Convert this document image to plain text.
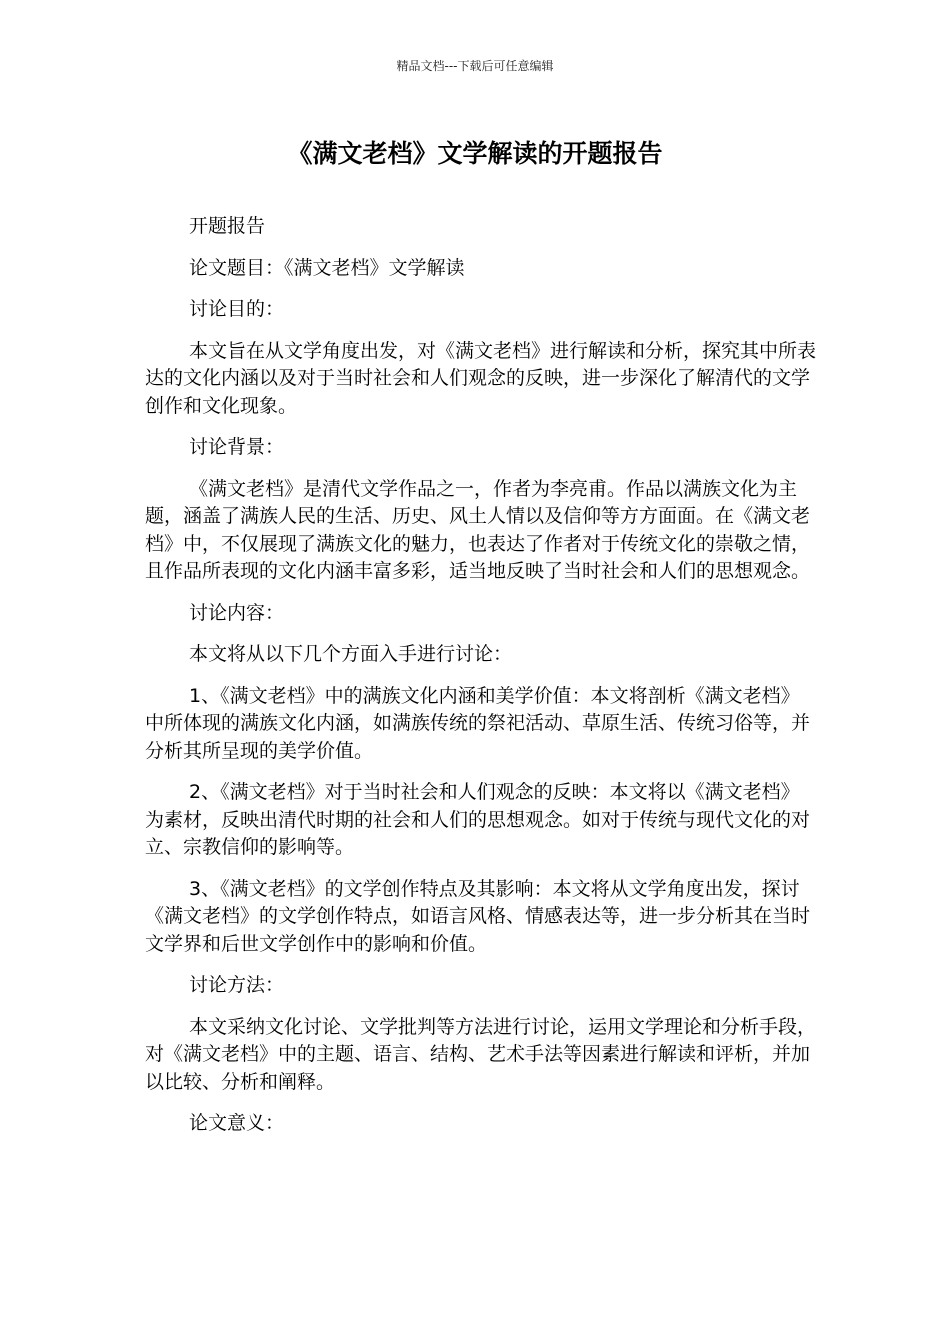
精品文档---下载后可任意编辑
《满文老档》文学解读的开题报告

开题报告

论文题目：《满文老档》文学解读

讨论目的：

本文旨在从文学角度出发，对《满文老档》进行解读和分析，探究其中所表达的文化内涵以及对于当时社会和人们观念的反映，进一步深化了解清代的文学创作和文化现象。

讨论背景：

《满文老档》是清代文学作品之一，作者为李亮甫。作品以满族文化为主题，涵盖了满族人民的生活、历史、风土人情以及信仰等方方面面。在《满文老档》中，不仅展现了满族文化的魅力，也表达了作者对于传统文化的崇敬之情，且作品所表现的文化内涵丰富多彩，适当地反映了当时社会和人们的思想观念。

讨论内容：

本文将从以下几个方面入手进行讨论：

1、《满文老档》中的满族文化内涵和美学价值：本文将剖析《满文老档》中所体现的满族文化内涵，如满族传统的祭祀活动、草原生活、传统习俗等，并分析其所呈现的美学价值。

2、《满文老档》对于当时社会和人们观念的反映：本文将以《满文老档》为素材，反映出清代时期的社会和人们的思想观念。如对于传统与现代文化的对立、宗教信仰的影响等。

3、《满文老档》的文学创作特点及其影响：本文将从文学角度出发，探讨《满文老档》的文学创作特点，如语言风格、情感表达等，进一步分析其在当时文学界和后世文学创作中的影响和价值。

讨论方法：

本文采纳文化讨论、文学批判等方法进行讨论，运用文学理论和分析手段，对《满文老档》中的主题、语言、结构、艺术手法等因素进行解读和评析，并加以比较、分析和阐释。

论文意义：
